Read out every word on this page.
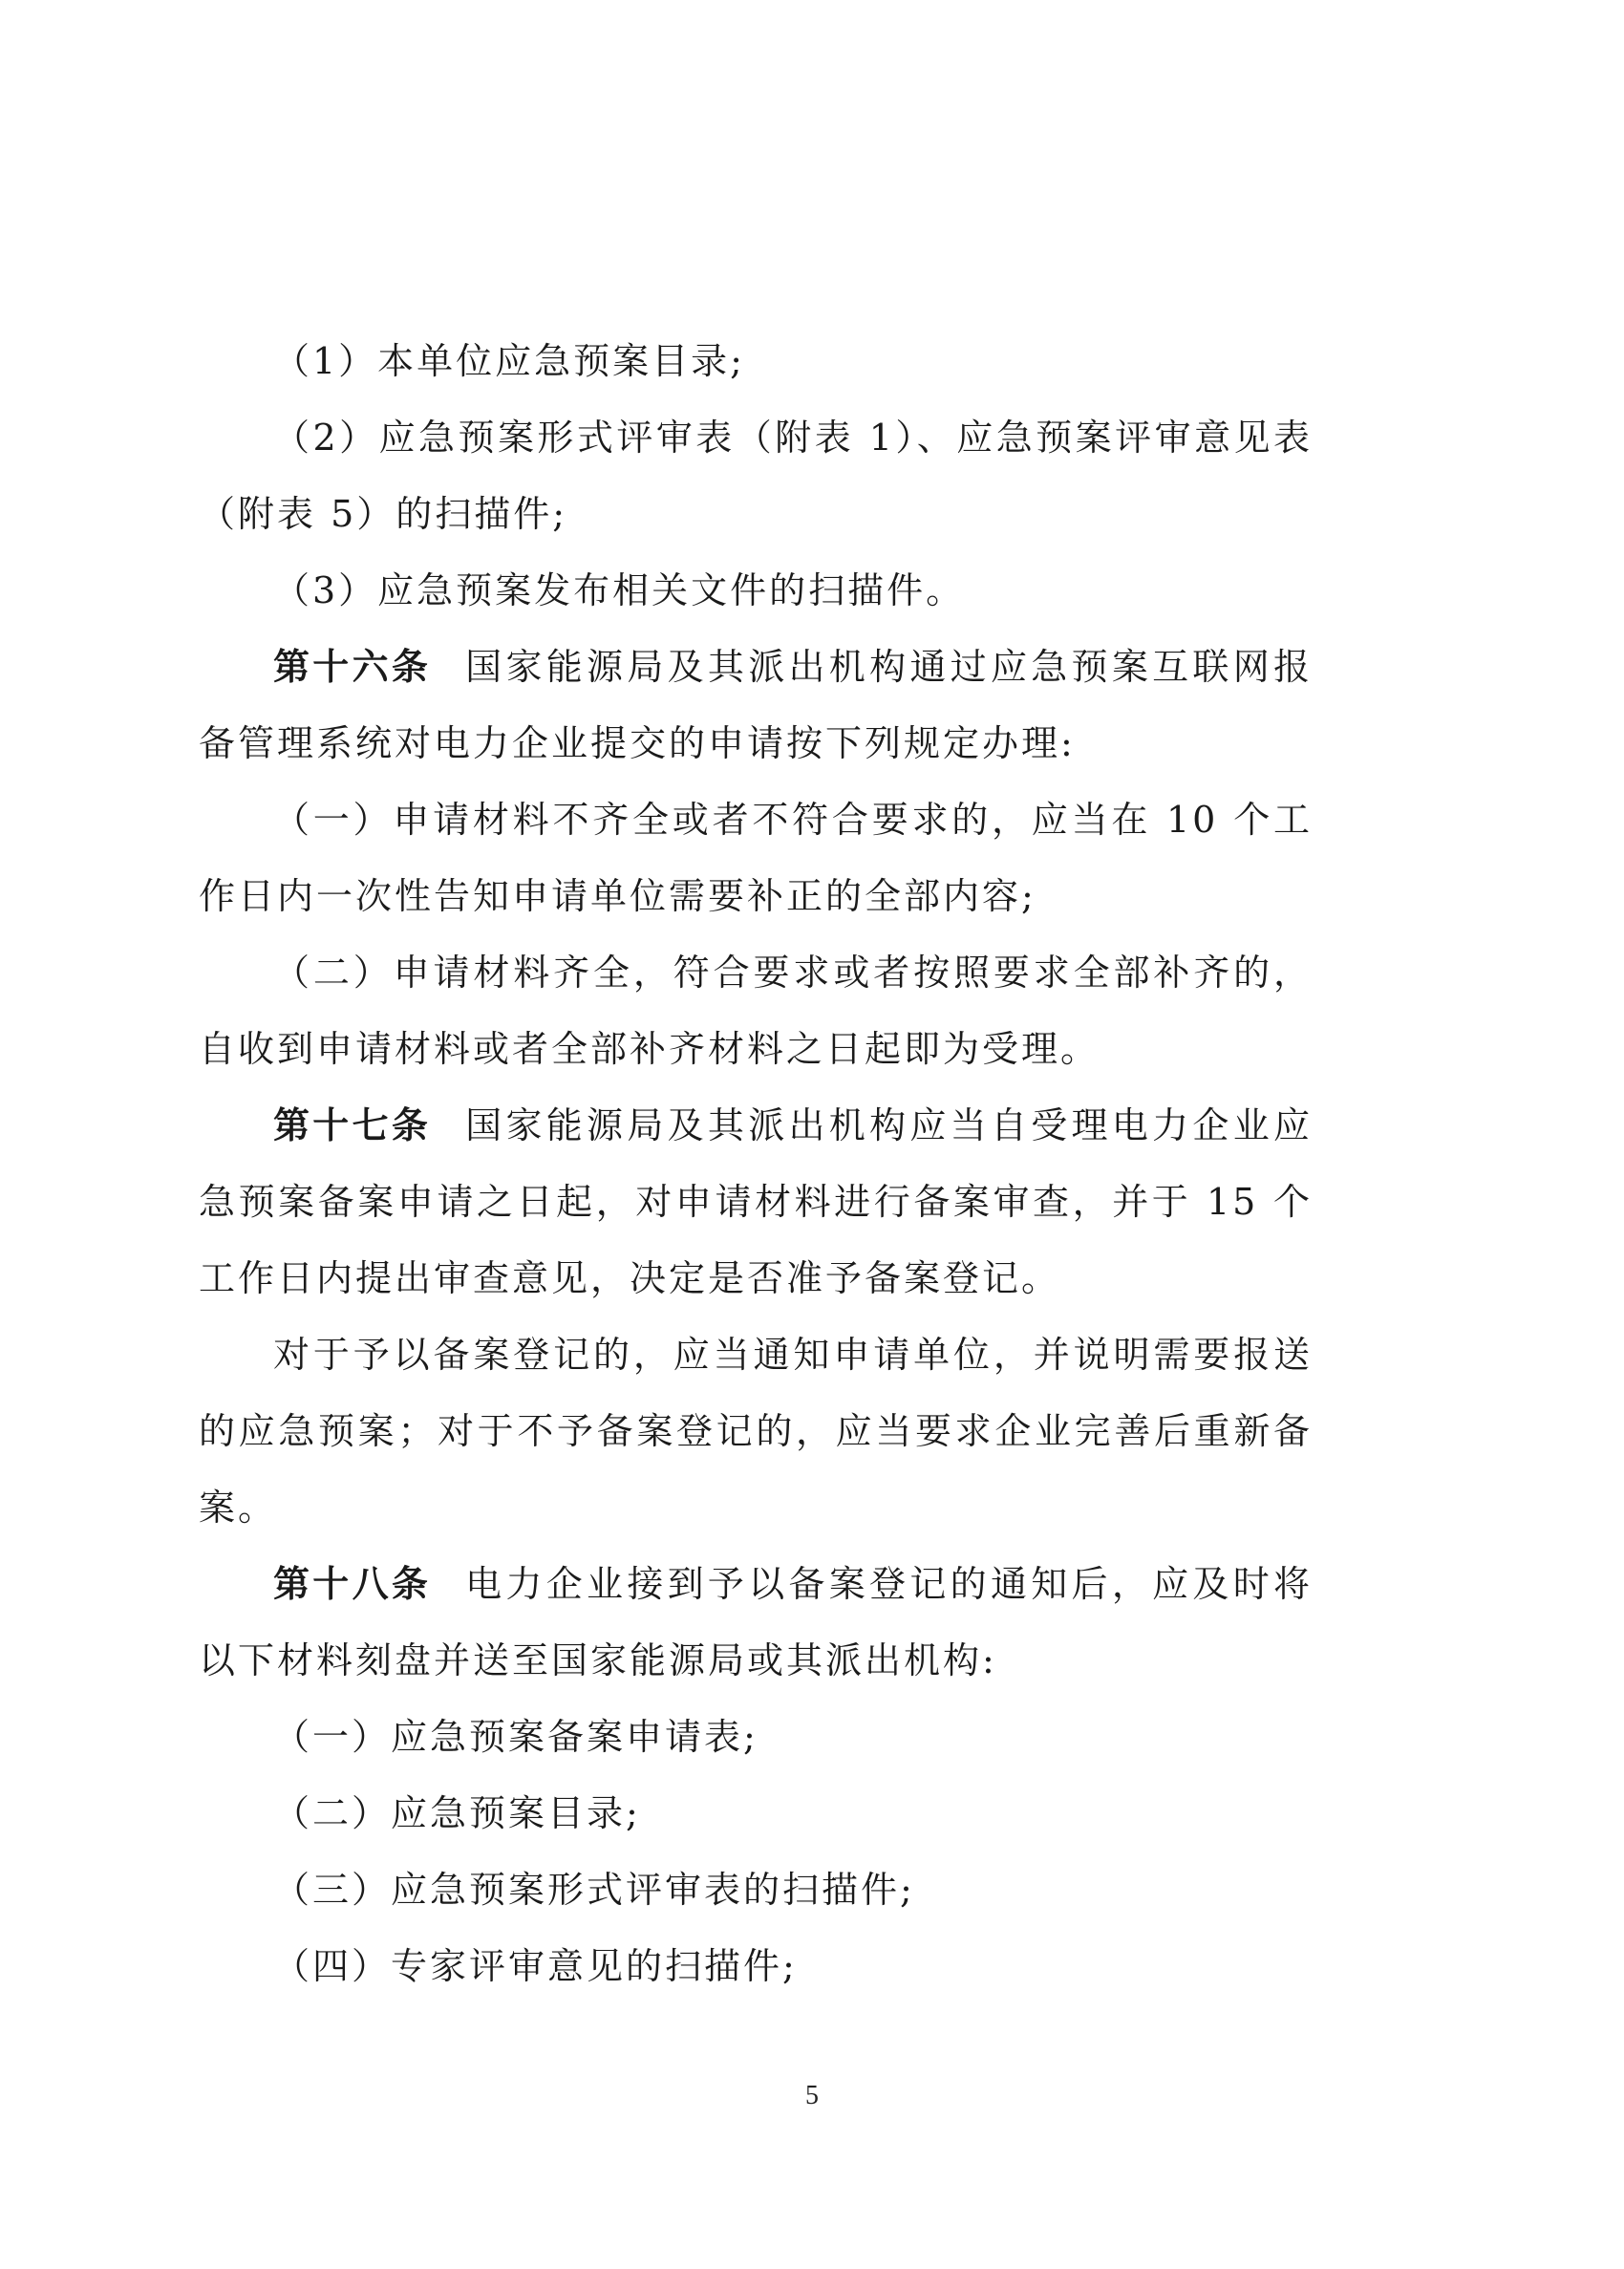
（1）本单位应急预案目录;

（2）应急预案形式评审表（附表 1）、应急预案评审意见表（附表 5）的扫描件;

（3）应急预案发布相关文件的扫描件。

第十六条 国家能源局及其派出机构通过应急预案互联网报备管理系统对电力企业提交的申请按下列规定办理:

（一）申请材料不齐全或者不符合要求的，应当在 10 个工作日内一次性告知申请单位需要补正的全部内容;

（二）申请材料齐全，符合要求或者按照要求全部补齐的，自收到申请材料或者全部补齐材料之日起即为受理。

第十七条 国家能源局及其派出机构应当自受理电力企业应急预案备案申请之日起，对申请材料进行备案审查，并于 15 个工作日内提出审查意见，决定是否准予备案登记。

对于予以备案登记的，应当通知申请单位，并说明需要报送的应急预案；对于不予备案登记的，应当要求企业完善后重新备案。

第十八条 电力企业接到予以备案登记的通知后，应及时将以下材料刻盘并送至国家能源局或其派出机构:

（一）应急预案备案申请表;

（二）应急预案目录;

（三）应急预案形式评审表的扫描件;

（四）专家评审意见的扫描件;

5
